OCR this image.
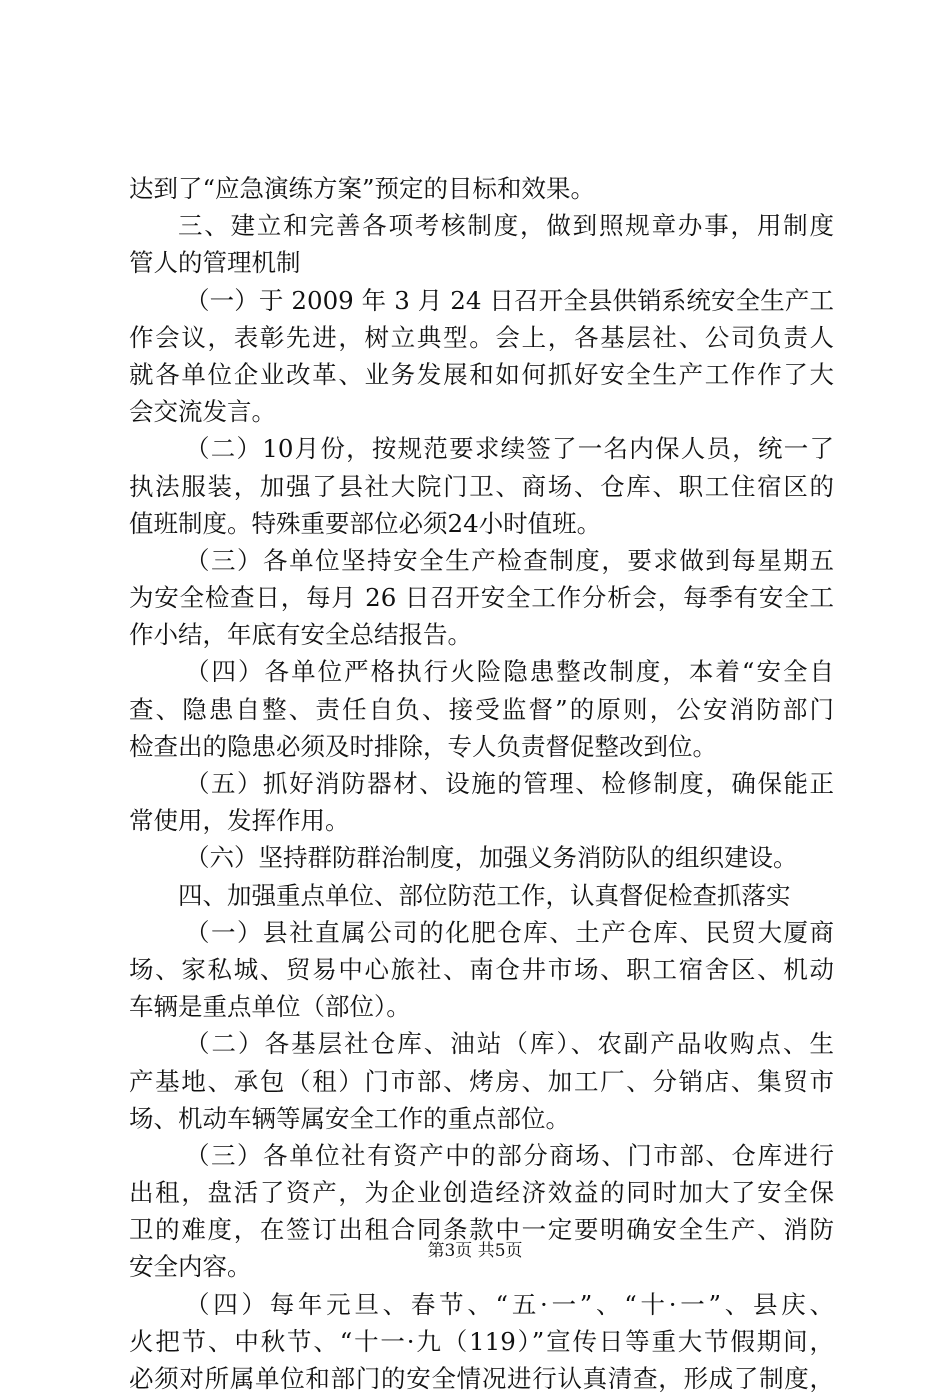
达到了“应急演练方案”预定的目标和效果。
三、建立和完善各项考核制度，做到照规章办事，用制度
管人的管理机制
（一）于 2009 年 3 月 24 日召开全县供销系统安全生产工
作会议，表彰先进，树立典型。会上，各基层社、公司负责人
就各单位企业改革、业务发展和如何抓好安全生产工作作了大
会交流发言。
（二）10月份，按规范要求续签了一名内保人员，统一了
执法服装，加强了县社大院门卫、商场、仓库、职工住宿区的
值班制度。特殊重要部位必须24小时值班。
（三）各单位坚持安全生产检查制度，要求做到每星期五
为安全检查日，每月 26 日召开安全工作分析会，每季有安全工
作小结，年底有安全总结报告。
（四）各单位严格执行火险隐患整改制度，本着“安全自
查、隐患自整、责任自负、接受监督”的原则，公安消防部门
检查出的隐患必须及时排除，专人负责督促整改到位。
（五）抓好消防器材、设施的管理、检修制度，确保能正
常使用，发挥作用。
（六）坚持群防群治制度，加强义务消防队的组织建设。
四、加强重点单位、部位防范工作，认真督促检查抓落实
（一）县社直属公司的化肥仓库、土产仓库、民贸大厦商
场、家私城、贸易中心旅社、南仓井市场、职工宿舍区、机动
车辆是重点单位（部位）。
（二）各基层社仓库、油站（库）、农副产品收购点、生
产基地、承包（租）门市部、烤房、加工厂、分销店、集贸市
场、机动车辆等属安全工作的重点部位。
（三）各单位社有资产中的部分商场、门市部、仓库进行
出租，盘活了资产，为企业创造经济效益的同时加大了安全保
卫的难度，在签订出租合同条款中一定要明确安全生产、消防
安全内容。
（四）每年元旦、春节、“五·一”、“十·一”、县庆、
火把节、中秋节、“十一·九（119）”宣传日等重大节假期间，
必须对所属单位和部门的安全情况进行认真清查，形成了制度，
第3页 共5页
